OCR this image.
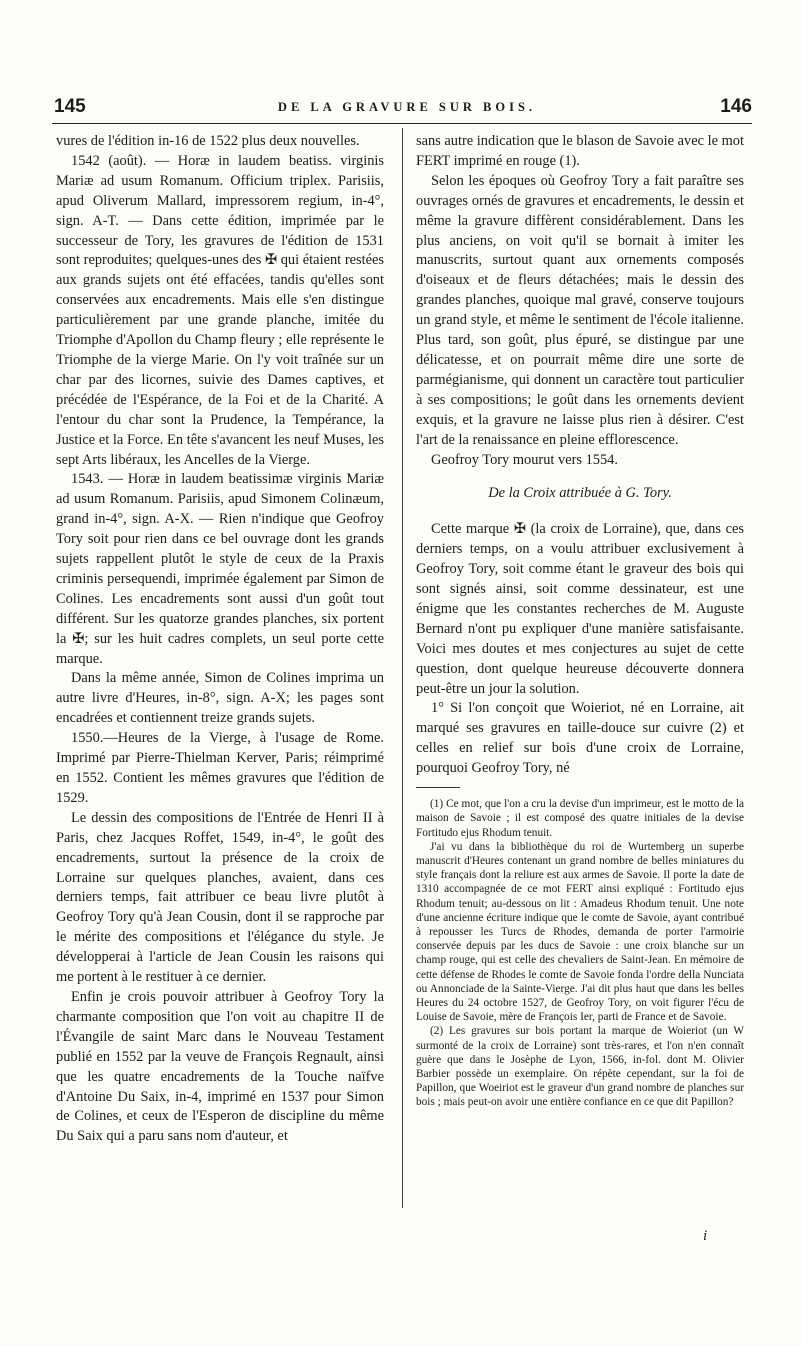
145	DE LA GRAVURE SUR BOIS.	146

vures de l'édition in-16 de 1522 plus deux nouvelles.

1542 (août). — Horæ in laudem beatiss. virginis Mariæ ad usum Romanum. Officium triplex. Parisiis, apud Oliverum Mallard, impressorem regium, in-4°, sign. A-T. — Dans cette édition, imprimée par le successeur de Tory, les gravures de l'édition de 1531 sont reproduites; quelques-unes des ✠ qui étaient restées aux grands sujets ont été effacées, tandis qu'elles sont conservées aux encadrements. Mais elle s'en distingue particulièrement par une grande planche, imitée du Triomphe d'Apollon du Champ fleury ; elle représente le Triomphe de la vierge Marie. On l'y voit traînée sur un char par des licornes, suivie des Dames captives, et précédée de l'Espérance, de la Foi et de la Charité. A l'entour du char sont la Prudence, la Tempérance, la Justice et la Force. En tête s'avancent les neuf Muses, les sept Arts libéraux, les Ancelles de la Vierge.

1543. — Horæ in laudem beatissimæ virginis Mariæ ad usum Romanum. Parisiis, apud Simonem Colinæum, grand in-4°, sign. A-X. — Rien n'indique que Geofroy Tory soit pour rien dans ce bel ouvrage dont les grands sujets rappellent plutôt le style de ceux de la Praxis criminis persequendi, imprimée également par Simon de Colines. Les encadrements sont aussi d'un goût tout différent. Sur les quatorze grandes planches, six portent la ✠; sur les huit cadres complets, un seul porte cette marque.

Dans la même année, Simon de Colines imprima un autre livre d'Heures, in-8°, sign. A-X; les pages sont encadrées et contiennent treize grands sujets.

1550.—Heures de la Vierge, à l'usage de Rome. Imprimé par Pierre-Thielman Kerver, Paris; réimprimé en 1552. Contient les mêmes gravures que l'édition de 1529.

Le dessin des compositions de l'Entrée de Henri II à Paris, chez Jacques Roffet, 1549, in-4°, le goût des encadrements, surtout la présence de la croix de Lorraine sur quelques planches, avaient, dans ces derniers temps, fait attribuer ce beau livre plutôt à Geofroy Tory qu'à Jean Cousin, dont il se rapproche par le mérite des compositions et l'élégance du style. Je développerai à l'article de Jean Cousin les raisons qui me portent à le restituer à ce dernier.

Enfin je crois pouvoir attribuer à Geofroy Tory la charmante composition que l'on voit au chapitre II de l'Évangile de saint Marc dans le Nouveau Testament publié en 1552 par la veuve de François Regnault, ainsi que les quatre encadrements de la Touche naïfve d'Antoine Du Saix, in-4, imprimé en 1537 pour Simon de Colines, et ceux de l'Esperon de discipline du même Du Saix qui a paru sans nom d'auteur, et

sans autre indication que le blason de Savoie avec le mot FERT imprimé en rouge (1).

Selon les époques où Geofroy Tory a fait paraître ses ouvrages ornés de gravures et encadrements, le dessin et même la gravure diffèrent considérablement. Dans les plus anciens, on voit qu'il se bornait à imiter les manuscrits, surtout quant aux ornements composés d'oiseaux et de fleurs détachées; mais le dessin des grandes planches, quoique mal gravé, conserve toujours un grand style, et même le sentiment de l'école italienne. Plus tard, son goût, plus épuré, se distingue par une délicatesse, et on pourrait même dire une sorte de parmégianisme, qui donnent un caractère tout particulier à ses compositions; le goût dans les ornements devient exquis, et la gravure ne laisse plus rien à désirer. C'est l'art de la renaissance en pleine efflorescence.

Geofroy Tory mourut vers 1554.

De la Croix attribuée à G. Tory.

Cette marque ✠ (la croix de Lorraine), que, dans ces derniers temps, on a voulu attribuer exclusivement à Geofroy Tory, soit comme étant le graveur des bois qui sont signés ainsi, soit comme dessinateur, est une énigme que les constantes recherches de M. Auguste Bernard n'ont pu expliquer d'une manière satisfaisante. Voici mes doutes et mes conjectures au sujet de cette question, dont quelque heureuse découverte donnera peut-être un jour la solution.

1° Si l'on conçoit que Woieriot, né en Lorraine, ait marqué ses gravures en taille-douce sur cuivre (2) et celles en relief sur bois d'une croix de Lorraine, pourquoi Geofroy Tory, né

(1) Ce mot, que l'on a cru la devise d'un imprimeur, est le motto de la maison de Savoie ; il est composé des quatre initiales de la devise Fortitudo ejus Rhodum tenuit.

J'ai vu dans la bibliothèque du roi de Wurtemberg un superbe manuscrit d'Heures contenant un grand nombre de belles miniatures du style français dont la reliure est aux armes de Savoie. Il porte la date de 1310 accompagnée de ce mot FERT ainsi expliqué : Fortitudo ejus Rhodum tenuit; au-dessous on lit : Amadeus Rhodum tenuit. Une note d'une ancienne écriture indique que le comte de Savoie, ayant contribué à repousser les Turcs de Rhodes, demanda de porter l'armoirie conservée depuis par les ducs de Savoie : une croix blanche sur un champ rouge, qui est celle des chevaliers de Saint-Jean. En mémoire de cette défense de Rhodes le comte de Savoie fonda l'ordre della Nunciata ou Annonciade de la Sainte-Vierge. J'ai dit plus haut que dans les belles Heures du 24 octobre 1527, de Geofroy Tory, on voit figurer l'écu de Louise de Savoie, mère de François Ier, parti de France et de Savoie.

(2) Les gravures sur bois portant la marque de Woieriot (un W surmonté de la croix de Lorraine) sont très-rares, et l'on n'en connaît guère que dans le Josèphe de Lyon, 1566, in-fol. dont M. Olivier Barbier possède un exemplaire. On répète cependant, sur la foi de Papillon, que Woeiriot est le graveur d'un grand nombre de planches sur bois ; mais peut-on avoir une entière confiance en ce que dit Papillon?

i
